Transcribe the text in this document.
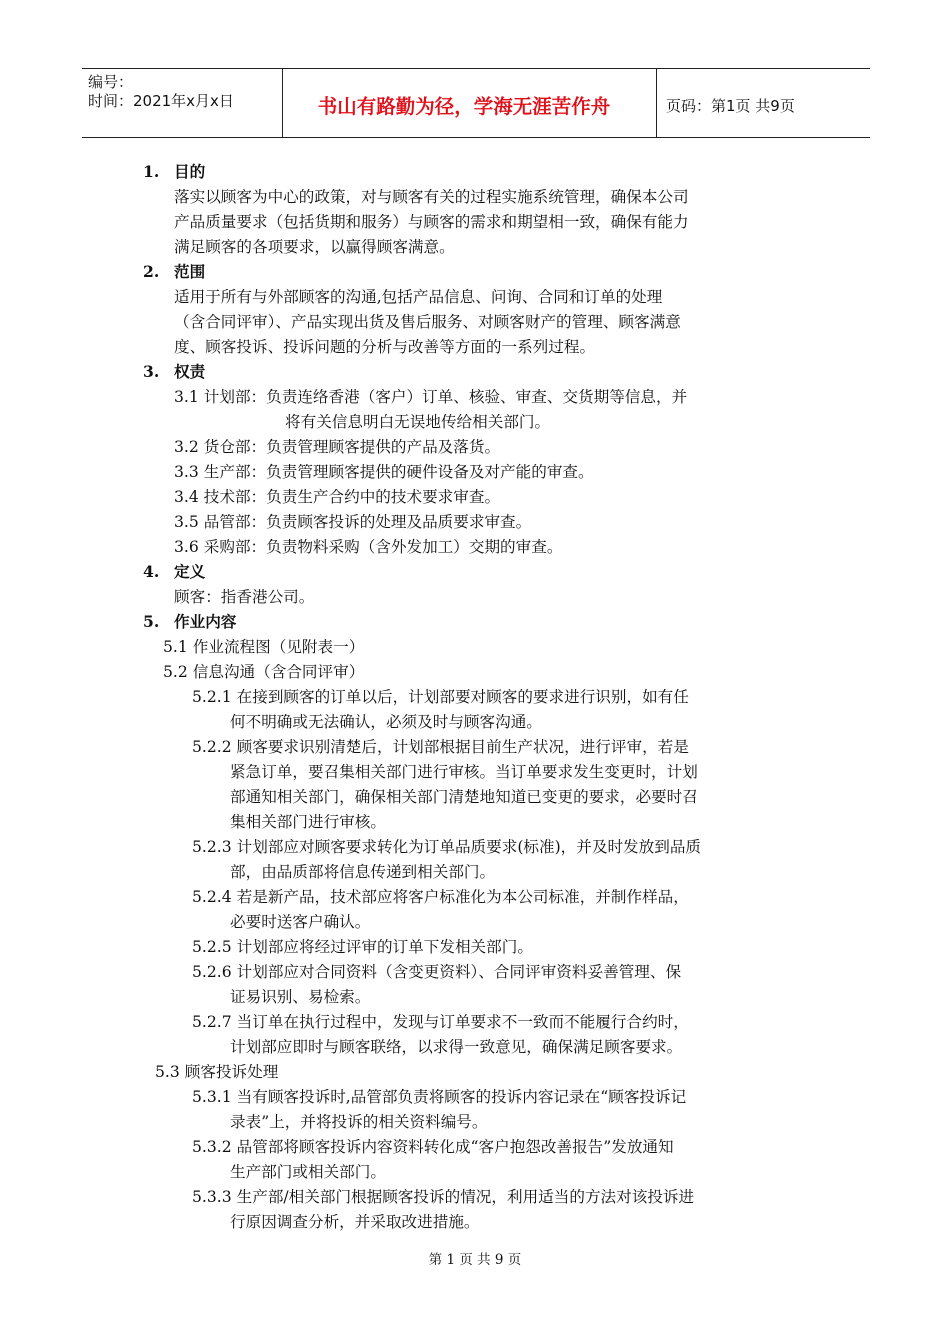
编号：
时间：2021年x月x日	书山有路勤为径，学海无涯苦作舟	页码：第1页 共9页
1. 目的
落实以顾客为中心的政策，对与顾客有关的过程实施系统管理，确保本公司
产品质量要求（包括货期和服务）与顾客的需求和期望相一致，确保有能力
满足顾客的各项要求，以赢得顾客满意。
2. 范围
适用于所有与外部顾客的沟通,包括产品信息、问询、合同和订单的处理
（含合同评审）、产品实现出货及售后服务、对顾客财产的管理、顾客满意
度、顾客投诉、投诉问题的分析与改善等方面的一系列过程。
3. 权责
3.1 计划部：负责连络香港（客户）订单、核验、审查、交货期等信息，并
将有关信息明白无误地传给相关部门。
3.2 货仓部：负责管理顾客提供的产品及落货。
3.3 生产部：负责管理顾客提供的硬件设备及对产能的审查。
3.4 技术部：负责生产合约中的技术要求审查。
3.5 品管部：负责顾客投诉的处理及品质要求审查。
3.6 采购部：负责物料采购（含外发加工）交期的审查。
4. 定义
顾客：指香港公司。
5. 作业内容
5.1 作业流程图（见附表一）
5.2 信息沟通（含合同评审）
5.2.1 在接到顾客的订单以后，计划部要对顾客的要求进行识别，如有任
何不明确或无法确认，必须及时与顾客沟通。
5.2.2 顾客要求识别清楚后，计划部根据目前生产状况，进行评审，若是
紧急订单，要召集相关部门进行审核。当订单要求发生变更时，计划
部通知相关部门，确保相关部门清楚地知道已变更的要求，必要时召
集相关部门进行审核。
5.2.3 计划部应对顾客要求转化为订单品质要求(标准)，并及时发放到品质
部，由品质部将信息传递到相关部门。
5.2.4 若是新产品，技术部应将客户标准化为本公司标准，并制作样品，
必要时送客户确认。
5.2.5 计划部应将经过评审的订单下发相关部门。
5.2.6 计划部应对合同资料（含变更资料）、合同评审资料妥善管理、保
证易识别、易检索。
5.2.7 当订单在执行过程中，发现与订单要求不一致而不能履行合约时，
计划部应即时与顾客联络，以求得一致意见，确保满足顾客要求。
5.3 顾客投诉处理
5.3.1 当有顾客投诉时,品管部负责将顾客的投诉内容记录在“顾客投诉记
录表”上，并将投诉的相关资料编号。
5.3.2 品管部将顾客投诉内容资料转化成“客户抱怨改善报告”发放通知
生产部门或相关部门。
5.3.3 生产部/相关部门根据顾客投诉的情况，利用适当的方法对该投诉进
行原因调查分析，并采取改进措施。
第 1 页 共 9 页
